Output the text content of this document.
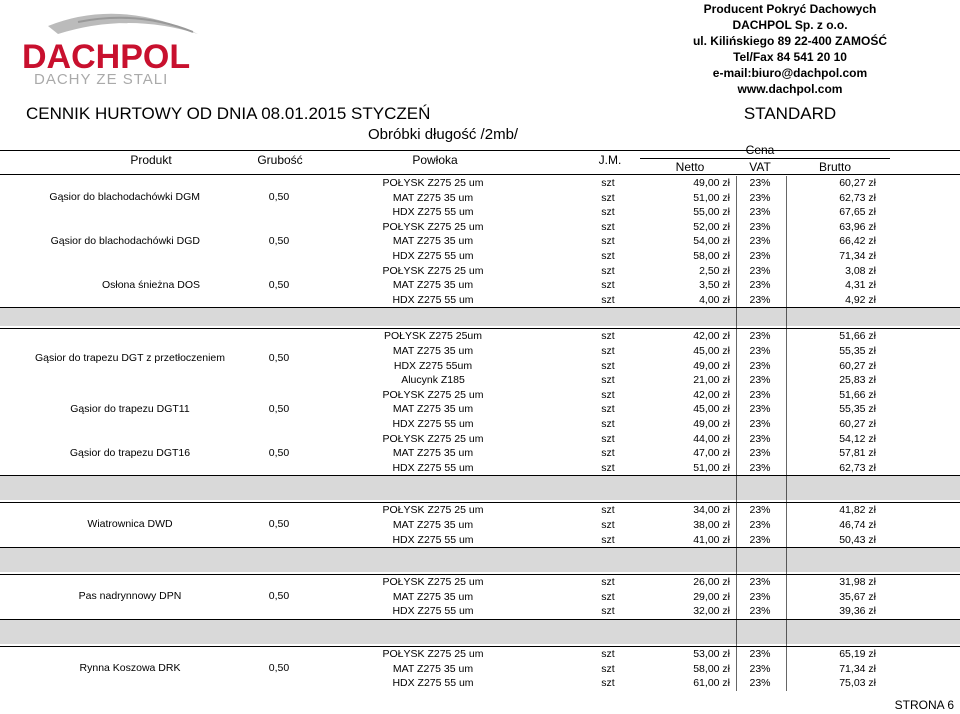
DACHPOL
DACHY ZE STALI
Producent Pokryć Dachowych
DACHPOL Sp. z o.o.
ul. Kilińskiego 89 22-400 ZAMOŚĆ
Tel/Fax 84 541 20 10
e-mail:biuro@dachpol.com
www.dachpol.com
CENNIK HURTOWY OD DNIA 08.01.2015 STYCZEŃ	STANDARD
Obróbki długość /2mb/
Produkt	Grubość	Powłoka	J.M.
Cena
Netto	VAT	Brutto
Gąsior do blachodachówki DGM	0,50
POŁYSK Z275 25 um	szt	49,00 zł	23%	60,27 zł
MAT Z275 35 um	szt	51,00 zł	23%	62,73 zł
HDX Z275 55 um	szt	55,00 zł	23%	67,65 zł
Gąsior do blachodachówki DGD	0,50
POŁYSK Z275 25 um	szt	52,00 zł	23%	63,96 zł
MAT Z275 35 um	szt	54,00 zł	23%	66,42 zł
HDX Z275 55 um	szt	58,00 zł	23%	71,34 zł
Osłona śnieżna DOS	0,50
POŁYSK Z275 25 um	szt	2,50 zł	23%	3,08 zł
MAT Z275 35 um	szt	3,50 zł	23%	4,31 zł
HDX Z275 55 um	szt	4,00 zł	23%	4,92 zł
Gąsior do trapezu DGT z przetłoczeniem	0,50
POŁYSK Z275 25um	szt	42,00 zł	23%	51,66 zł
MAT Z275 35 um	szt	45,00 zł	23%	55,35 zł
HDX Z275 55um	szt	49,00 zł	23%	60,27 zł
Alucynk Z185	szt	21,00 zł	23%	25,83 zł
Gąsior do trapezu DGT11	0,50
POŁYSK Z275 25 um	szt	42,00 zł	23%	51,66 zł
MAT Z275 35 um	szt	45,00 zł	23%	55,35 zł
HDX Z275 55 um	szt	49,00 zł	23%	60,27 zł
Gąsior do trapezu DGT16	0,50
POŁYSK Z275 25 um	szt	44,00 zł	23%	54,12 zł
MAT Z275 35 um	szt	47,00 zł	23%	57,81 zł
HDX Z275 55 um	szt	51,00 zł	23%	62,73 zł
Wiatrownica DWD	0,50
POŁYSK Z275 25 um	szt	34,00 zł	23%	41,82 zł
MAT Z275 35 um	szt	38,00 zł	23%	46,74 zł
HDX Z275 55 um	szt	41,00 zł	23%	50,43 zł
Pas nadrynnowy DPN	0,50
POŁYSK Z275 25 um	szt	26,00 zł	23%	31,98 zł
MAT Z275 35 um	szt	29,00 zł	23%	35,67 zł
HDX Z275 55 um	szt	32,00 zł	23%	39,36 zł
Rynna Koszowa DRK	0,50
POŁYSK Z275 25 um	szt	53,00 zł	23%	65,19 zł
MAT Z275 35 um	szt	58,00 zł	23%	71,34 zł
HDX Z275 55 um	szt	61,00 zł	23%	75,03 zł
STRONA 6
